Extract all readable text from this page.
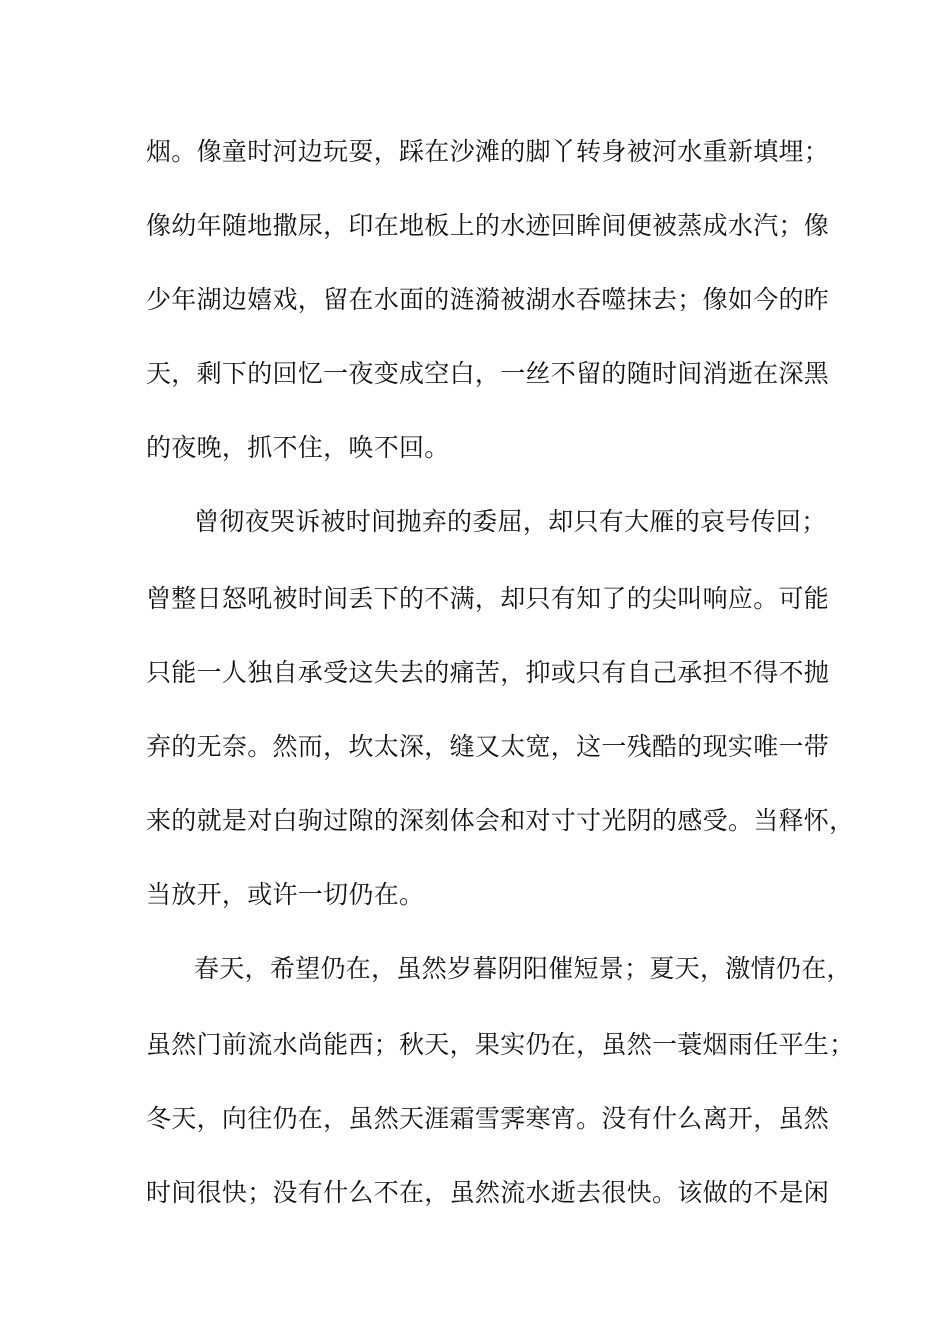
烟。像童时河边玩耍，踩在沙滩的脚丫转身被河水重新填埋；
像幼年随地撒尿，印在地板上的水迹回眸间便被蒸成水汽；像
少年湖边嬉戏，留在水面的涟漪被湖水吞噬抹去；像如今的昨
天，剩下的回忆一夜变成空白，一丝不留的随时间消逝在深黑
的夜晚，抓不住，唤不回。
曾彻夜哭诉被时间抛弃的委屈，却只有大雁的哀号传回；
曾整日怒吼被时间丢下的不满，却只有知了的尖叫响应。可能
只能一人独自承受这失去的痛苦，抑或只有自己承担不得不抛
弃的无奈。然而，坎太深，缝又太宽，这一残酷的现实唯一带
来的就是对白驹过隙的深刻体会和对寸寸光阴的感受。当释怀，
当放开，或许一切仍在。
春天，希望仍在，虽然岁暮阴阳催短景；夏天，激情仍在，
虽然门前流水尚能西；秋天，果实仍在，虽然一蓑烟雨任平生；
冬天，向往仍在，虽然天涯霜雪霁寒宵。没有什么离开，虽然
时间很快；没有什么不在，虽然流水逝去很快。该做的不是闲
